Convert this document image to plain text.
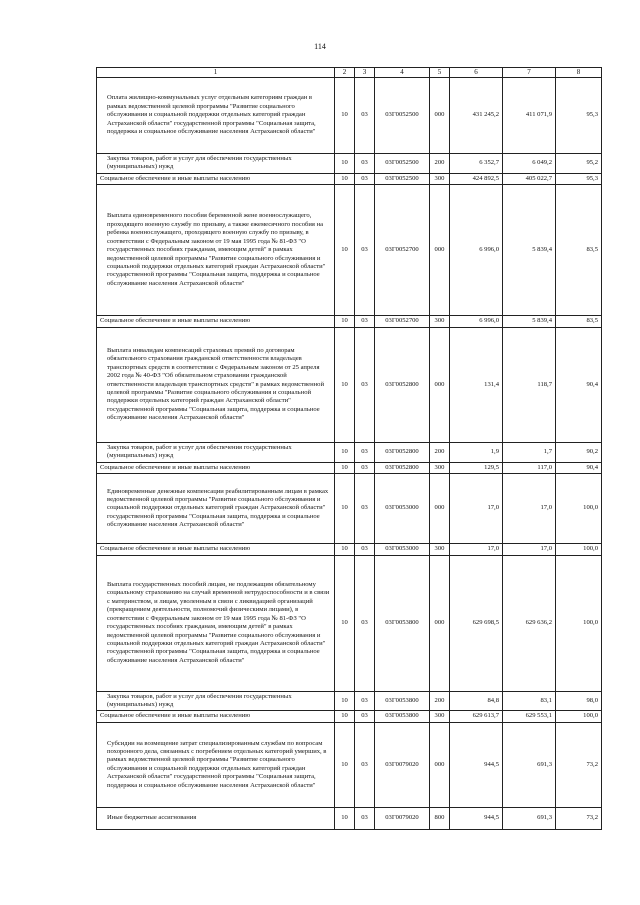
114
1	2	3	4	5	6	7	8
Оплата жилищно-коммунальных услуг отдельным категориям граждан в рамках ведомственной целевой программы "Развитие социального обслуживания и социальной поддержки отдельных категорий граждан Астраханской области" государственной программы "Социальная защита, поддержка и социальное обслуживание населения Астраханской области"	10	03	03Г0052500	000	431 245,2	411 071,9	95,3
Закупка товаров, работ и услуг для обеспечения государственных (муниципальных) нужд	10	03	03Г0052500	200	6 352,7	6 049,2	95,2
Социальное обеспечение и иные выплаты населению	10	03	03Г0052500	300	424 892,5	405 022,7	95,3
Выплата единовременного пособия беременной жене военнослужащего, проходящего военную службу по призыву, а также ежемесячного пособия на ребенка военнослужащего, проходящего военную службу по призыву, в соответствии с Федеральным законом от 19 мая 1995 года № 81-ФЗ "О государственных пособиях гражданам, имеющим детей" в рамках ведомственной целевой программы "Развитие социального обслуживания и социальной поддержки отдельных категорий граждан Астраханской области" государственной программы "Социальная защита, поддержка и социальное обслуживание населения Астраханской области"	10	03	03Г0052700	000	6 996,0	5 839,4	83,5
Социальное обеспечение и иные выплаты населению	10	03	03Г0052700	300	6 996,0	5 839,4	83,5
Выплата инвалидам компенсаций страховых премий по договорам обязательного страхования гражданской ответственности владельцев транспортных средств в соответствии с Федеральным законом от 25 апреля 2002 года № 40-ФЗ "Об обязательном страховании гражданской ответственности владельцев транспортных средств" в рамках ведомственной целевой программы "Развитие социального обслуживания и социальной поддержки отдельных категорий граждан Астраханской области" государственной программы "Социальная защита, поддержка и социальное обслуживание населения Астраханской области"	10	03	03Г0052800	000	131,4	118,7	90,4
Закупка товаров, работ и услуг для обеспечения государственных (муниципальных) нужд	10	03	03Г0052800	200	1,9	1,7	90,2
Социальное обеспечение и иные выплаты населению	10	03	03Г0052800	300	129,5	117,0	90,4
Единовременные денежные компенсации реабилитированным лицам в рамках ведомственной целевой программы "Развитие социального обслуживания и социальной поддержки отдельных категорий граждан Астраханской области" государственной программы "Социальная защита, поддержка и социальное обслуживание населения Астраханской области"	10	03	03Г0053000	000	17,0	17,0	100,0
Социальное обеспечение и иные выплаты населению	10	03	03Г0053000	300	17,0	17,0	100,0
Выплата государственных пособий лицам, не подлежащим обязательному социальному страхованию на случай временной нетрудоспособности и в связи с материнством, и лицам, уволенным в связи с ликвидацией организаций (прекращением деятельности, полномочий физическими лицами), в соответствии с Федеральным законом от 19 мая 1995 года № 81-ФЗ "О государственных пособиях гражданам, имеющим детей" в рамках ведомственной целевой программы "Развитие социального обслуживания и социальной поддержки отдельных категорий граждан Астраханской области" государственной программы "Социальная защита, поддержка и социальное обслуживание населения Астраханской области"	10	03	03Г0053800	000	629 698,5	629 636,2	100,0
Закупка товаров, работ и услуг для обеспечения государственных (муниципальных) нужд	10	03	03Г0053800	200	84,8	83,1	98,0
Социальное обеспечение и иные выплаты населению	10	03	03Г0053800	300	629 613,7	629 553,1	100,0
Субсидии на возмещение затрат специализированным службам по вопросам похоронного дела, связанных с погребением отдельных категорий умерших, в рамках ведомственной целевой программы "Развитие социального обслуживания и социальной поддержки отдельных категорий граждан Астраханской области" государственной программы "Социальная защита, поддержка и социальное обслуживание населения Астраханской области"	10	03	03Г0079020	000	944,5	691,3	73,2
Иные бюджетные ассигнования	10	03	03Г0079020	800	944,5	691,3	73,2
